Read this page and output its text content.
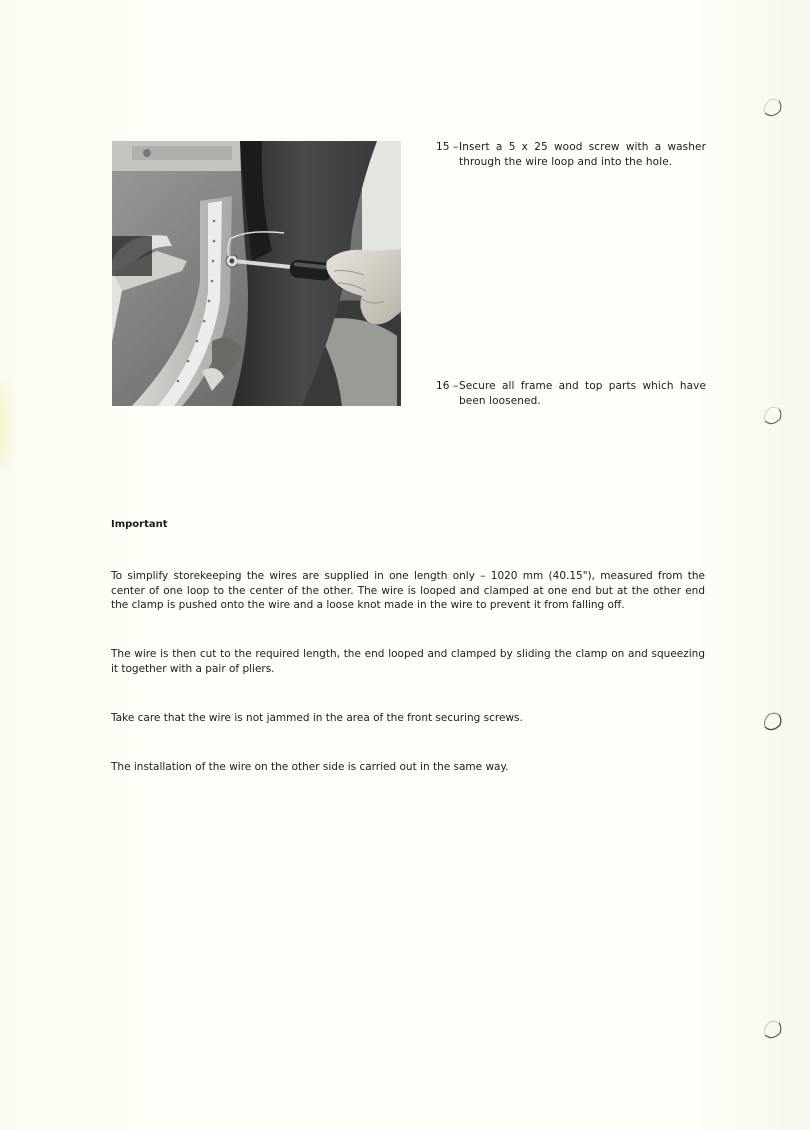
15 – Insert a 5 x 25 wood screw with a washer through the wire loop and into the hole.
16 – Secure all frame and top parts which have been loosened.
Important

To simplify storekeeping the wires are supplied in one length only – 1020 mm (40.15"), measured from the center of one loop to the center of the other. The wire is looped and clamped at one end but at the other end the clamp is pushed onto the wire and a loose knot made in the wire to prevent it from falling off.

The wire is then cut to the required length, the end looped and clamped by sliding the clamp on and squeezing it together with a pair of pliers.

Take care that the wire is not jammed in the area of the front securing screws.

The installation of the wire on the other side is carried out in the same way.
